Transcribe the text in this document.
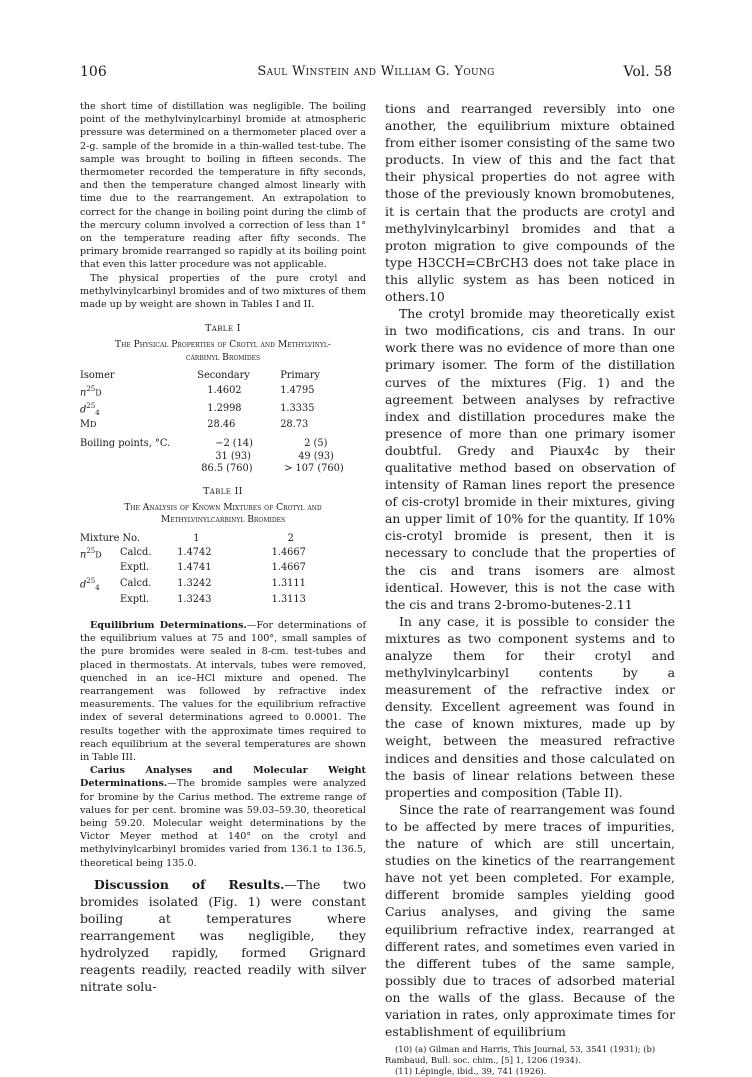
106	Saul Winstein and William G. Young	Vol. 58

the short time of distillation was negligible. The boiling point of the methylvinylcarbinyl bromide at atmospheric pressure was determined on a thermometer placed over a 2-g. sample of the bromide in a thin-walled test-tube. The sample was brought to boiling in fifteen seconds. The thermometer recorded the temperature in fifty seconds, and then the temperature changed almost linearly with time due to the rearrangement. An extrapolation to correct for the change in boiling point during the climb of the mercury column involved a correction of less than 1° on the temperature reading after fifty seconds. The primary bromide rearranged so rapidly at its boiling point that even this latter procedure was not applicable.

The physical properties of the pure crotyl and methylvinylcarbinyl bromides and of two mixtures of them made up by weight are shown in Tables I and II.

Table I

The Physical Properties of Crotyl and Methylvinyl-

carbinyl Bromides

Isomer	Secondary	Primary
$n^{25}D$	1.4602	1.4795
$d^{25}_4$	1.2998	1.3335
MD	28.46	28.73
Boiling points, °C.	−2 (14)	2 (5)
	31 (93)	49 (93)
	86.5 (760)	> 107 (760)

Table II

The Analysis of Known Mixtures of Crotyl and

Methylvinylcarbinyl Bromides

Mixture No.		1	2
$n^{25}D$	Calcd.	1.4742	1.4667
	Exptl.	1.4741	1.4667
$d^{25}_4$	Calcd.	1.3242	1.3111
	Exptl.	1.3243	1.3113

Equilibrium Determinations.—For determinations of the equilibrium values at 75 and 100°, small samples of the pure bromides were sealed in 8-cm. test-tubes and placed in thermostats. At intervals, tubes were removed, quenched in an ice–HCl mixture and opened. The rearrangement was followed by refractive index measurements. The values for the equilibrium refractive index of several determinations agreed to 0.0001. The results together with the approximate times required to reach equilibrium at the several temperatures are shown in Table III.

Carius Analyses and Molecular Weight Determinations.—The bromide samples were analyzed for bromine by the Carius method. The extreme range of values for per cent. bromine was 59.03–59.30, theoretical being 59.20. Molecular weight determinations by the Victor Meyer method at 140° on the crotyl and methylvinylcarbinyl bromides varied from 136.1 to 136.5, theoretical being 135.0.

Discussion of Results.—The two bromides isolated (Fig. 1) were constant boiling at temperatures where rearrangement was negligible, they hydrolyzed rapidly, formed Grignard reagents readily, reacted readily with silver nitrate solu-

tions and rearranged reversibly into one another, the equilibrium mixture obtained from either isomer consisting of the same two products. In view of this and the fact that their physical properties do not agree with those of the previously known bromobutenes, it is certain that the products are crotyl and methylvinylcarbinyl bromides and that a proton migration to give compounds of the type H3CCH=CBrCH3 does not take place in this allylic system as has been noticed in others.10

The crotyl bromide may theoretically exist in two modifications, cis and trans. In our work there was no evidence of more than one primary isomer. The form of the distillation curves of the mixtures (Fig. 1) and the agreement between analyses by refractive index and distillation procedures make the presence of more than one primary isomer doubtful. Gredy and Piaux4c by their qualitative method based on observation of intensity of Raman lines report the presence of cis-crotyl bromide in their mixtures, giving an upper limit of 10% for the quantity. If 10% cis-crotyl bromide is present, then it is necessary to conclude that the properties of the cis and trans isomers are almost identical. However, this is not the case with the cis and trans 2-bromo-butenes-2.11

In any case, it is possible to consider the mixtures as two component systems and to analyze them for their crotyl and methylvinylcarbinyl contents by a measurement of the refractive index or density. Excellent agreement was found in the case of known mixtures, made up by weight, between the measured refractive indices and densities and those calculated on the basis of linear relations between these properties and composition (Table II).

Since the rate of rearrangement was found to be affected by mere traces of impurities, the nature of which are still uncertain, studies on the kinetics of the rearrangement have not yet been completed. For example, different bromide samples yielding good Carius analyses, and giving the same equilibrium refractive index, rearranged at different rates, and sometimes even varied in the different tubes of the same sample, possibly due to traces of adsorbed material on the walls of the glass. Because of the variation in rates, only approximate times for establishment of equilibrium

(10) (a) Gilman and Harris, This Journal, 53, 3541 (1931); (b) Rambaud, Bull. soc. chim., [5] 1, 1206 (1934).

(11) Lépingle, ibid., 39, 741 (1926).
